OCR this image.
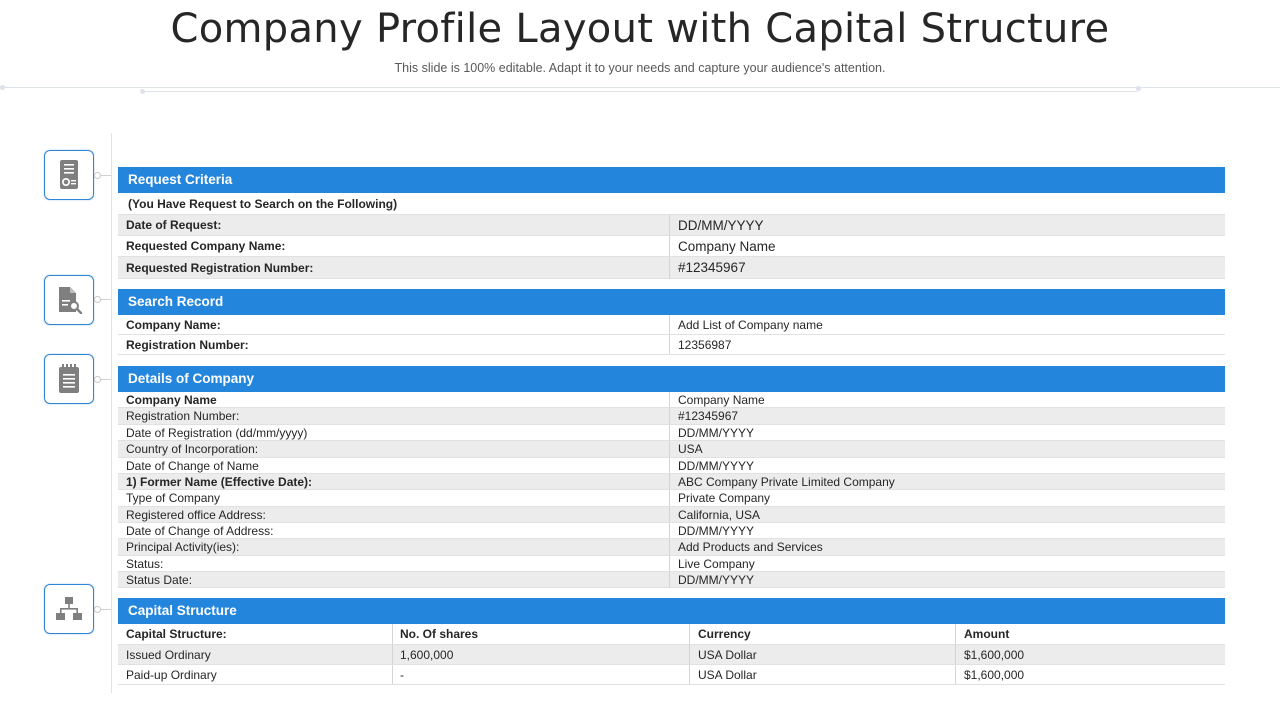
Company Profile Layout with Capital Structure
This slide is 100% editable. Adapt it to your needs and capture your audience's attention.
Request Criteria
(You Have Request to Search on the Following)
Date of Request:	DD/MM/YYYY
Requested Company Name:	Company Name
Requested Registration Number:	#12345967
Search Record
Company Name:	Add List of Company name
Registration Number:	12356987
Details of Company
Company Name	Company Name
Registration Number:	#12345967
Date of Registration (dd/mm/yyyy)	DD/MM/YYYY
Country of Incorporation:	USA
Date of Change of Name	DD/MM/YYYY
1) Former Name (Effective Date):	ABC Company Private Limited Company
Type of Company	Private Company
Registered office Address:	California, USA
Date of Change of Address:	DD/MM/YYYY
Principal Activity(ies):	Add Products and Services
Status:	Live Company
Status Date:	DD/MM/YYYY
Capital Structure
Capital Structure:	No. Of shares	Currency	Amount
Issued Ordinary	1,600,000	USA Dollar	$1,600,000
Paid-up Ordinary	-	USA Dollar	$1,600,000
